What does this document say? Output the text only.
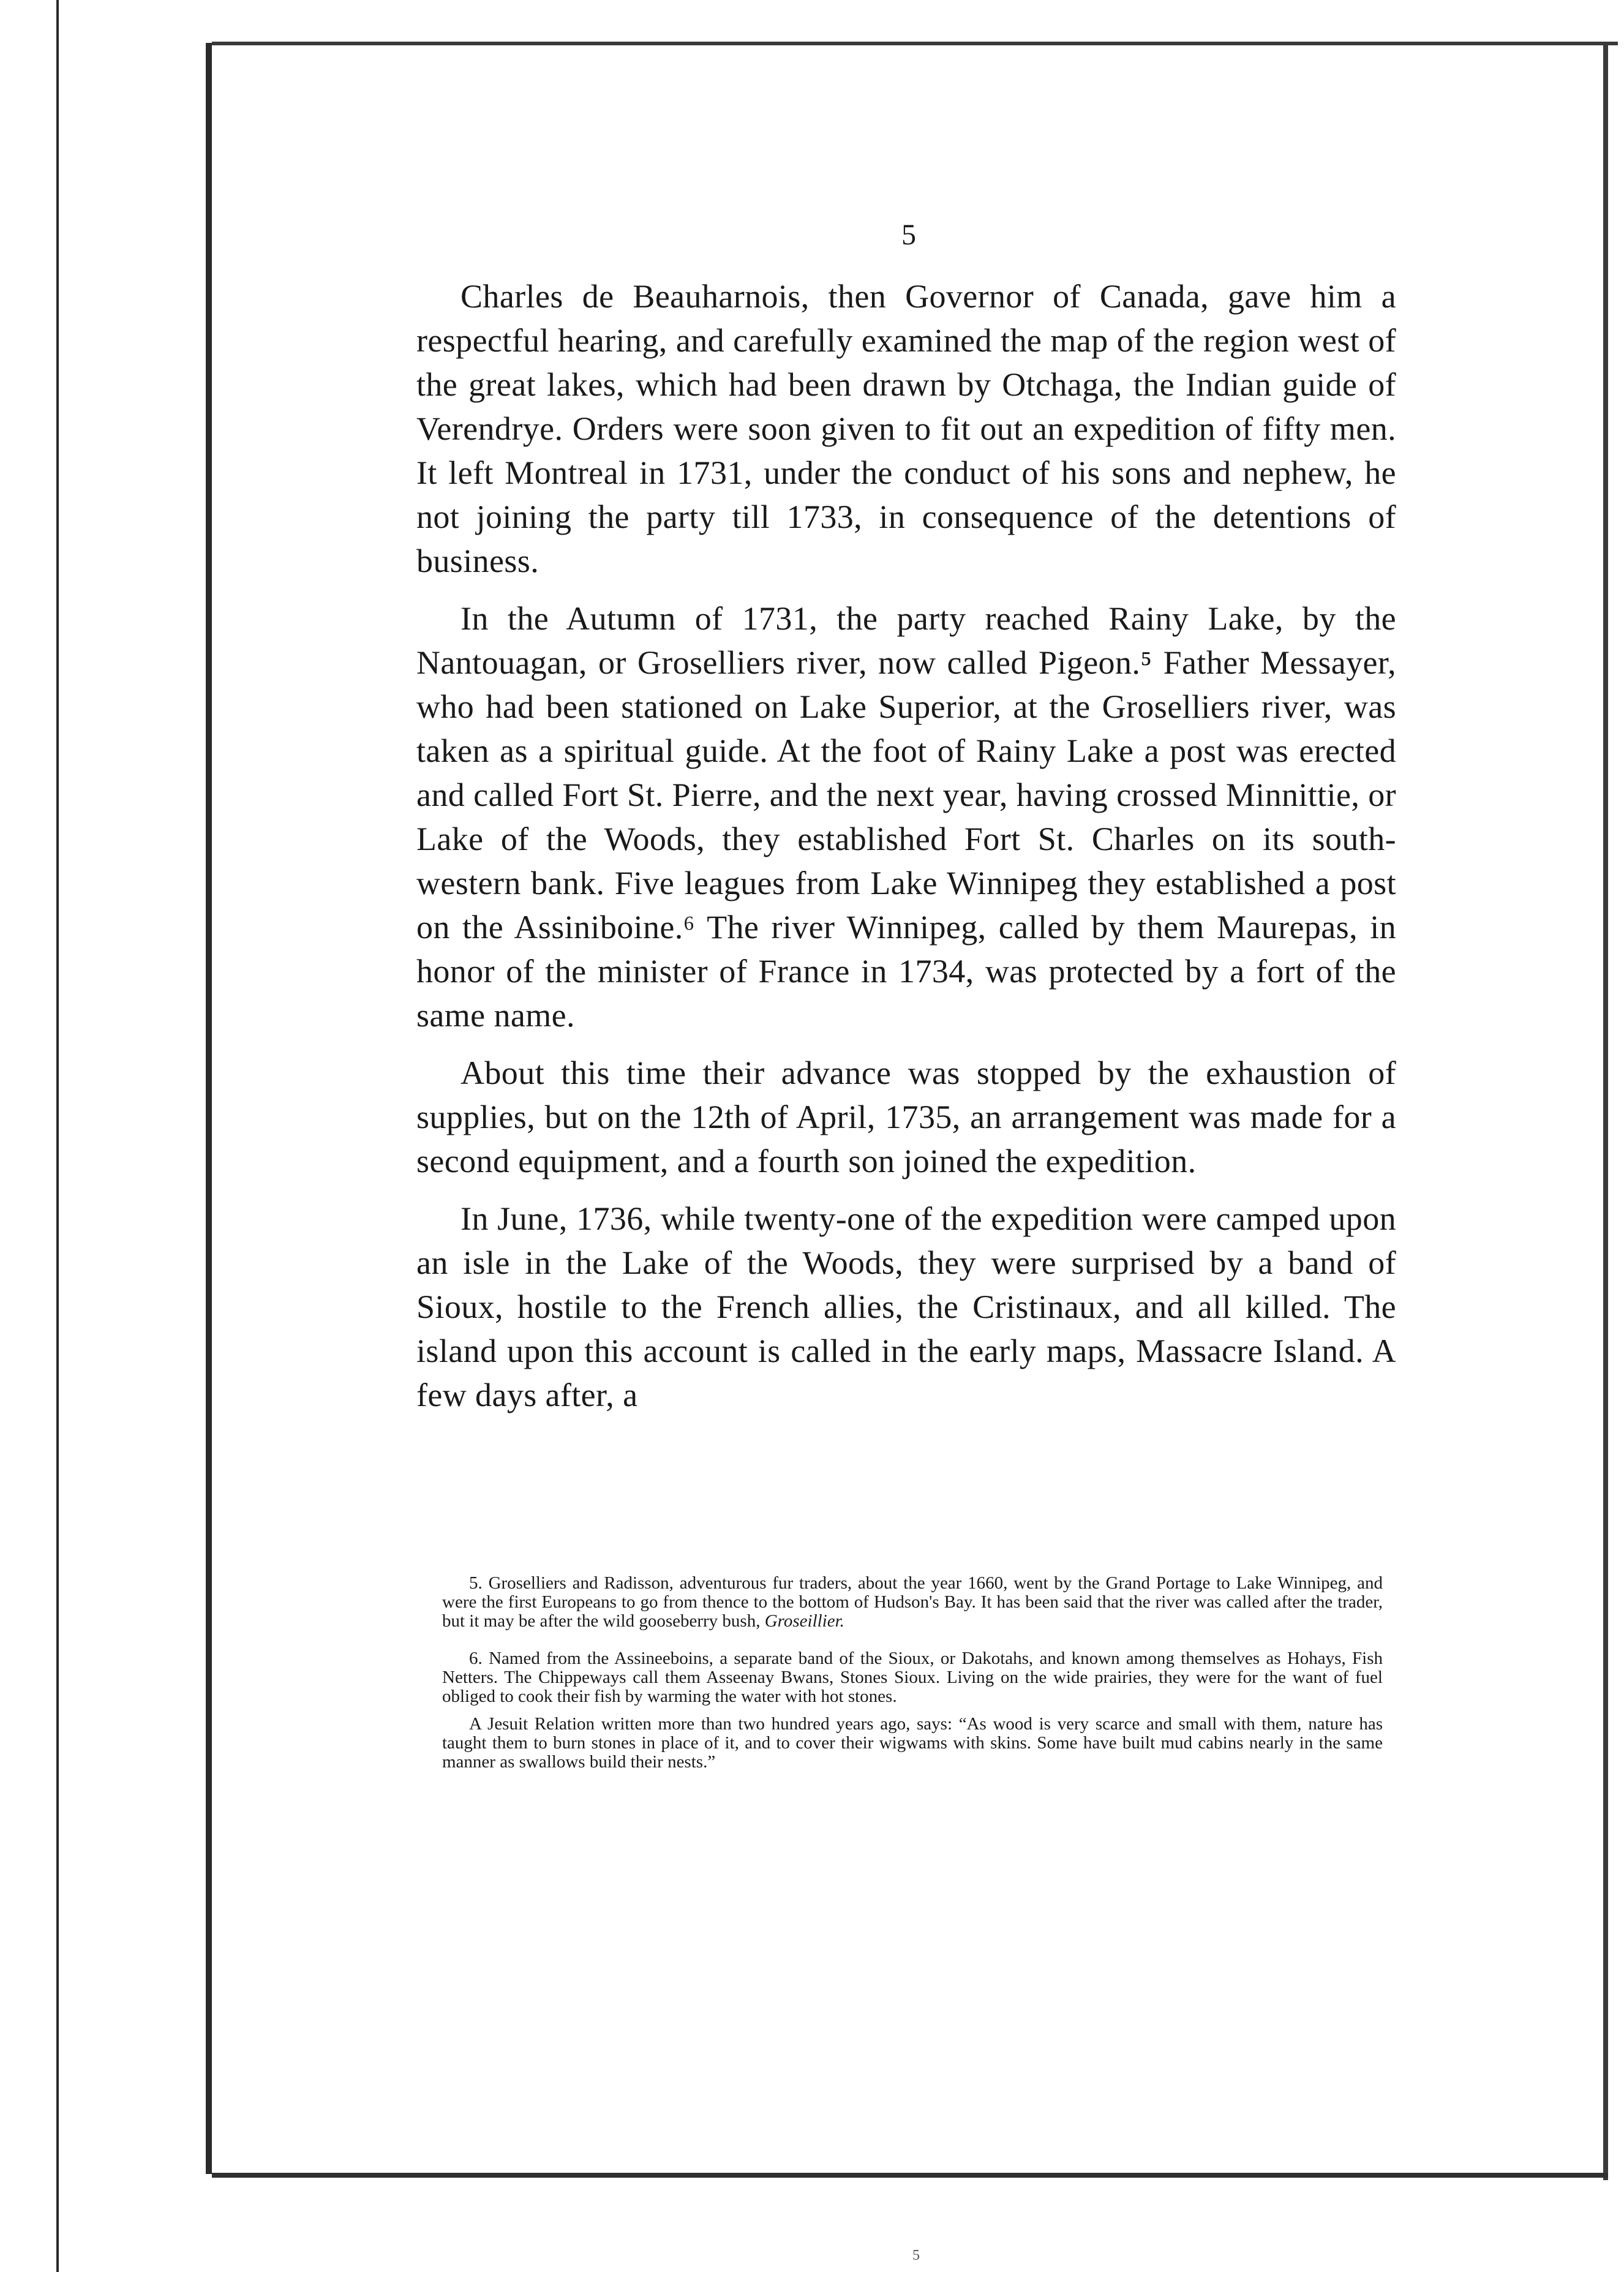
5

Charles de Beauharnois, then Governor of Canada, gave him a respectful hearing, and carefully examined the map of the region west of the great lakes, which had been drawn by Otchaga, the Indian guide of Verendrye. Orders were soon given to fit out an expedition of fifty men. It left Montreal in 1731, under the conduct of his sons and nephew, he not joining the party till 1733, in consequence of the detentions of business.

In the Autumn of 1731, the party reached Rainy Lake, by the Nantouagan, or Groselliers river, now called Pigeon.⁵ Father Messayer, who had been stationed on Lake Superior, at the Groselliers river, was taken as a spiritual guide. At the foot of Rainy Lake a post was erected and called Fort St. Pierre, and the next year, having crossed Minnittie, or Lake of the Woods, they established Fort St. Charles on its south-western bank. Five leagues from Lake Winnipeg they established a post on the Assiniboine.⁶ The river Winnipeg, called by them Maurepas, in honor of the minister of France in 1734, was protected by a fort of the same name.

About this time their advance was stopped by the exhaustion of supplies, but on the 12th of April, 1735, an arrangement was made for a second equipment, and a fourth son joined the expedition.

In June, 1736, while twenty-one of the expedition were camped upon an isle in the Lake of the Woods, they were surprised by a band of Sioux, hostile to the French allies, the Cristinaux, and all killed. The island upon this account is called in the early maps, Massacre Island. A few days after, a

5. Groselliers and Radisson, adventurous fur traders, about the year 1660, went by the Grand Portage to Lake Winnipeg, and were the first Europeans to go from thence to the bottom of Hudson's Bay. It has been said that the river was called after the trader, but it may be after the wild gooseberry bush, Groseillier.

6. Named from the Assineeboins, a separate band of the Sioux, or Dakotahs, and known among themselves as Hohays, Fish Netters. The Chippeways call them Asseenay Bwans, Stones Sioux. Living on the wide prairies, they were for the want of fuel obliged to cook their fish by warming the water with hot stones.

A Jesuit Relation written more than two hundred years ago, says: “As wood is very scarce and small with them, nature has taught them to burn stones in place of it, and to cover their wigwams with skins. Some have built mud cabins nearly in the same manner as swallows build their nests.”

5
